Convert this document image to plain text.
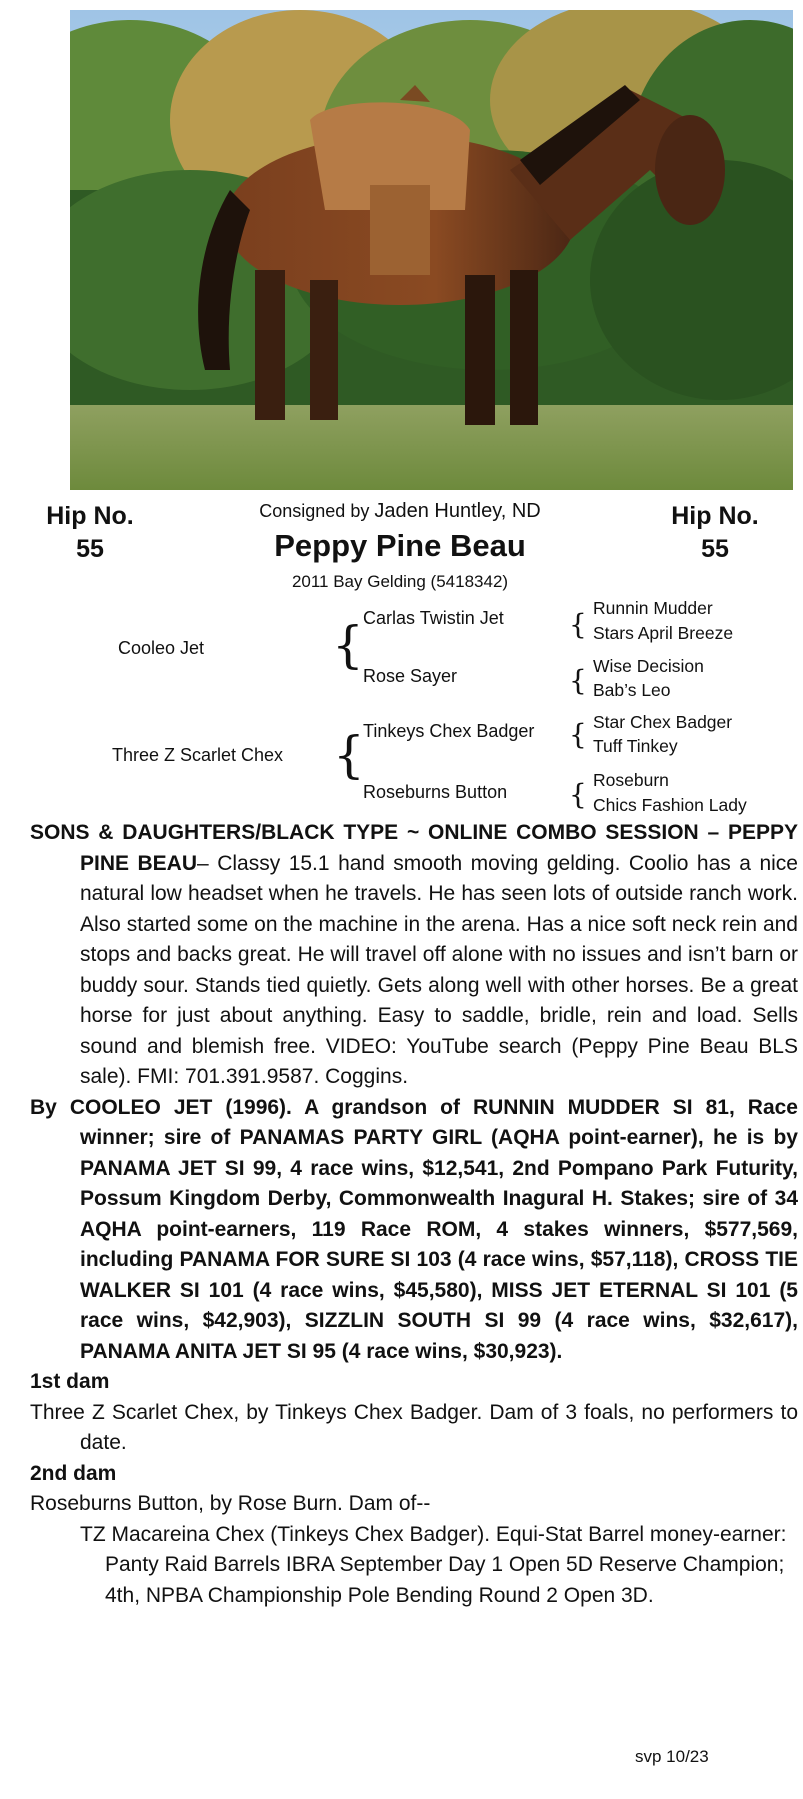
Hip No.
55
Hip No.
55
Consigned by Jaden Huntley, ND
Peppy Pine Beau
2011 Bay Gelding (5418342)
Cooleo Jet
Three Z Scarlet Chex
{
{
Carlas Twistin Jet
Rose Sayer
Tinkeys Chex Badger
Roseburns Button
{
{
{
{
Runnin Mudder
Stars April Breeze
Wise Decision
Bab’s Leo
Star Chex Badger
Tuff Tinkey
Roseburn
Chics Fashion Lady

SONS & DAUGHTERS/BLACK TYPE ~ ONLINE COMBO SESSION – PEPPY PINE BEAU– Classy 15.1 hand smooth moving gelding. Coolio has a nice natural low headset when he travels. He has seen lots of outside ranch work. Also started some on the machine in the arena. Has a nice soft neck rein and stops and backs great. He will travel off alone with no issues and isn’t barn or buddy sour. Stands tied quietly. Gets along well with other horses. Be a great horse for just about anything. Easy to saddle, bridle, rein and load. Sells sound and blemish free. VIDEO: YouTube search (Peppy Pine Beau BLS sale). FMI: 701.391.9587. Coggins.

By COOLEO JET (1996). A grandson of RUNNIN MUDDER SI 81, Race winner; sire of PANAMAS PARTY GIRL (AQHA point-earner), he is by PANAMA JET SI 99, 4 race wins, $12,541, 2nd Pompano Park Futurity, Possum Kingdom Derby, Commonwealth Inagural H. Stakes; sire of 34 AQHA point-earners, 119 Race ROM, 4 stakes winners, $577,569, including PANAMA FOR SURE SI 103 (4 race wins, $57,118), CROSS TIE WALKER SI 101 (4 race wins, $45,580), MISS JET ETERNAL SI 101 (5 race wins, $42,903), SIZZLIN SOUTH SI 99 (4 race wins, $32,617), PANAMA ANITA JET SI 95 (4 race wins, $30,923).

1st dam

Three Z Scarlet Chex, by Tinkeys Chex Badger. Dam of 3 foals, no performers to date.

2nd dam

Roseburns Button, by Rose Burn. Dam of--

TZ Macareina Chex (Tinkeys Chex Badger). Equi-Stat Barrel money-earner: Panty Raid Barrels IBRA September Day 1 Open 5D Reserve Champion; 4th, NPBA Championship Pole Bending Round 2 Open 3D.

svp 10/23
